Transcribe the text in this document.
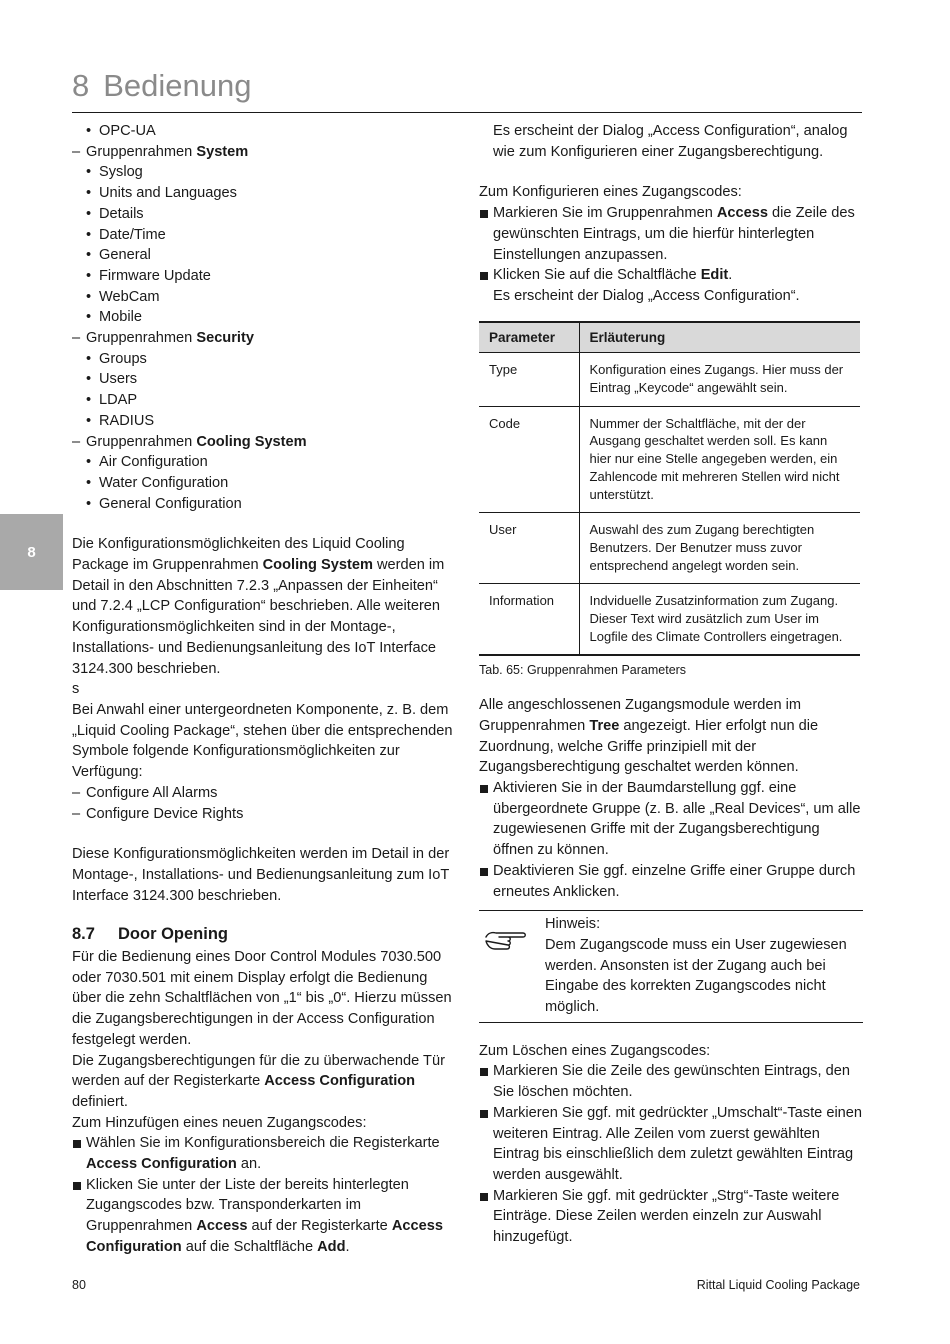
8 Bedienung
8

• OPC-UA

– Gruppenrahmen System

• Syslog

• Units and Languages

• Details

• Date/Time

• General

• Firmware Update

• WebCam

• Mobile

– Gruppenrahmen Security

• Groups

• Users

• LDAP

• RADIUS

– Gruppenrahmen Cooling System

• Air Configuration

• Water Configuration

• General Configuration

Die Konfigurationsmöglichkeiten des Liquid Cooling Package im Gruppenrahmen Cooling System werden im Detail in den Abschnitten 7.2.3 „Anpassen der Einheiten“ und 7.2.4 „LCP Configuration“ beschrieben. Alle weiteren Konfigurationsmöglichkeiten sind in der Montage-, Installations- und Bedienungsanleitung des IoT Interface 3124.300 beschrieben.

s

Bei Anwahl einer untergeordneten Komponente, z. B. dem „Liquid Cooling Package“, stehen über die entsprechenden Symbole folgende Konfigurationsmöglichkeiten zur Verfügung:

– Configure All Alarms

– Configure Device Rights

Diese Konfigurationsmöglichkeiten werden im Detail in der Montage-, Installations- und Bedienungsanleitung zum IoT Interface 3124.300 beschrieben.

8.7 Door Opening

Für die Bedienung eines Door Control Modules 7030.500 oder 7030.501 mit einem Display erfolgt die Bedienung über die zehn Schaltflächen von „1“ bis „0“. Hierzu müssen die Zugangsberechtigungen in der Access Configuration festgelegt werden.

Die Zugangsberechtigungen für die zu überwachende Tür werden auf der Registerkarte Access Configuration definiert.

Zum Hinzufügen eines neuen Zugangscodes:

Wählen Sie im Konfigurationsbereich die Registerkarte Access Configuration an.

Klicken Sie unter der Liste der bereits hinterlegten Zugangscodes bzw. Transponderkarten im Gruppenrahmen Access auf der Registerkarte Access Configuration auf die Schaltfläche Add.

Es erscheint der Dialog „Access Configuration“, analog wie zum Konfigurieren einer Zugangsberechtigung.

Zum Konfigurieren eines Zugangscodes:

Markieren Sie im Gruppenrahmen Access die Zeile des gewünschten Eintrags, um die hierfür hinterlegten Einstellungen anzupassen.

Klicken Sie auf die Schaltfläche Edit.

Es erscheint der Dialog „Access Configuration“.

Parameter	Erläuterung
Type	Konfiguration eines Zugangs. Hier muss der Eintrag „Keycode“ angewählt sein.
Code	Nummer der Schaltfläche, mit der der Ausgang geschaltet werden soll. Es kann hier nur eine Stelle angegeben werden, ein Zahlencode mit mehreren Stellen wird nicht unterstützt.
User	Auswahl des zum Zugang berechtigten Benutzers. Der Benutzer muss zuvor entsprechend angelegt worden sein.
Information	Indviduelle Zusatzinformation zum Zugang. Dieser Text wird zusätzlich zum User im Logfile des Climate Controllers eingetragen.

Tab. 65: Gruppenrahmen Parameters

Alle angeschlossenen Zugangsmodule werden im Gruppenrahmen Tree angezeigt. Hier erfolgt nun die Zuordnung, welche Griffe prinzipiell mit der Zugangsberechtigung geschaltet werden können.

Aktivieren Sie in der Baumdarstellung ggf. eine übergeordnete Gruppe (z. B. alle „Real Devices“, um alle zugewiesenen Griffe mit der Zugangsberechtigung öffnen zu können.

Deaktivieren Sie ggf. einzelne Griffe einer Gruppe durch erneutes Anklicken.

Hinweis:

Dem Zugangscode muss ein User zugewiesen werden. Ansonsten ist der Zugang auch bei Eingabe des korrekten Zugangscodes nicht möglich.

Zum Löschen eines Zugangscodes:

Markieren Sie die Zeile des gewünschten Eintrags, den Sie löschen möchten.

Markieren Sie ggf. mit gedrückter „Umschalt“-Taste einen weiteren Eintrag. Alle Zeilen vom zuerst gewählten Eintrag bis einschließlich dem zuletzt gewählten Eintrag werden ausgewählt.

Markieren Sie ggf. mit gedrückter „Strg“-Taste weitere Einträge. Diese Zeilen werden einzeln zur Auswahl hinzugefügt.

80	Rittal Liquid Cooling Package
